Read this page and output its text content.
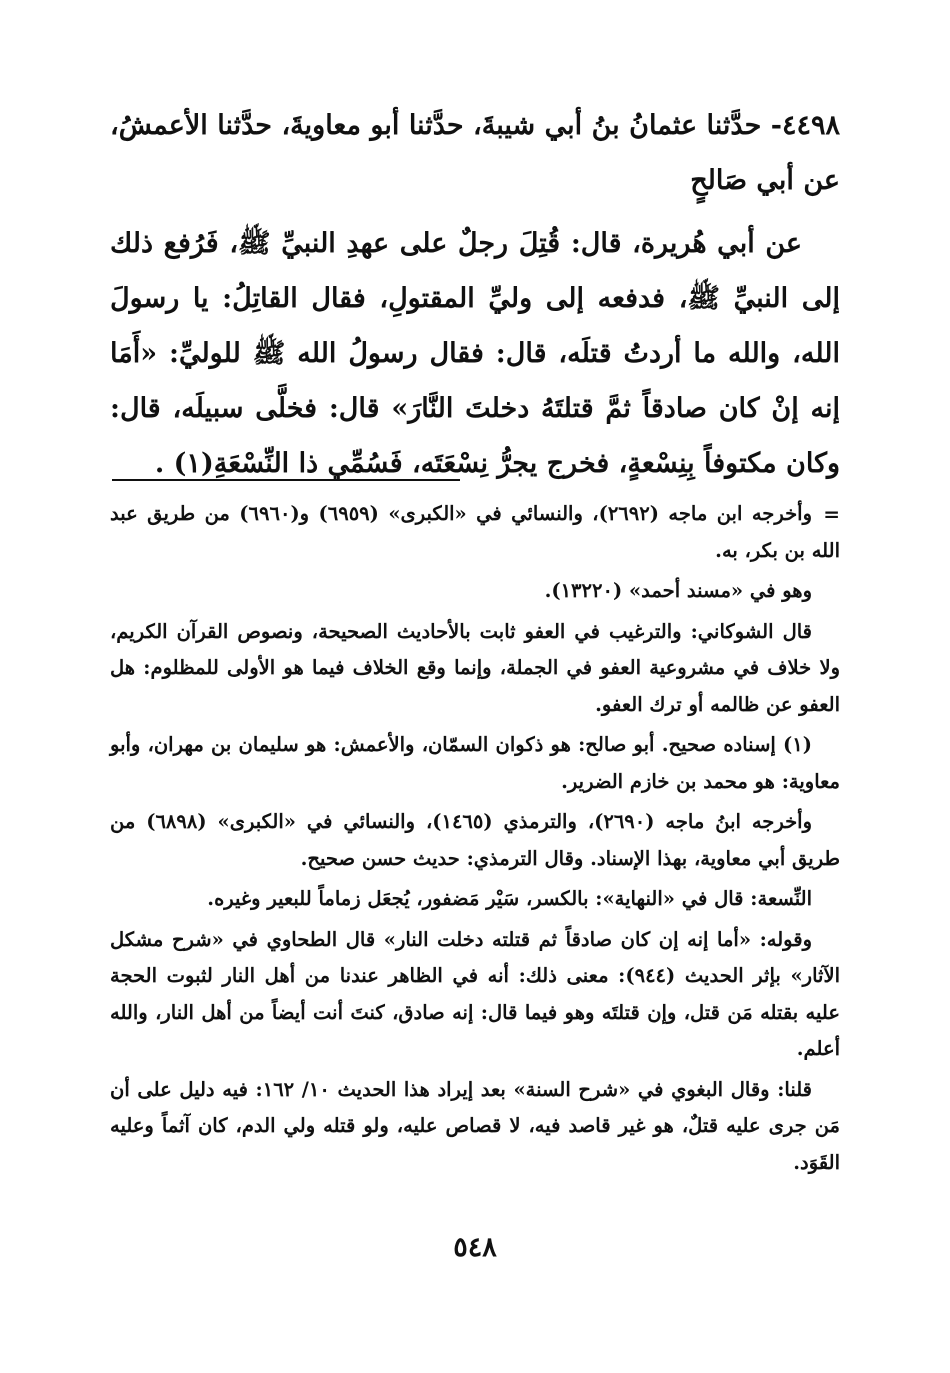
٤٤٩٨- حدَّثنا عثمانُ بنُ أبي شيبةَ، حدَّثنا أبو معاويةَ، حدَّثنا الأعمشُ، عن أبي صَالحٍ

عن أبي هُريرة، قال: قُتِلَ رجلٌ على عهدِ النبيِّ ﷺ، فَرُفع ذلك إلى النبيِّ ﷺ، فدفعه إلى وليِّ المقتولِ، فقال القاتِلُ: يا رسولَ الله، والله ما أردتُ قتلَه، قال: فقال رسولُ الله ﷺ للوليِّ: «أَمَا إنه إنْ كان صادقاً ثمَّ قتلتَهُ دخلتَ النَّارَ» قال: فخلَّى سبيلَه، قال: وكان مكتوفاً بِنِسْعةٍ، فخرج يجرُّ نِسْعَتَه، فَسُمِّي ذا النِّسْعَةِ(١) .

=
وأخرجه ابن ماجه (٢٦٩٢)، والنسائي في «الكبرى» (٦٩٥٩) و(٦٩٦٠) من طريق عبد الله بن بكر، به.

وهو في «مسند أحمد» (١٣٢٢٠).

قال الشوكاني: والترغيب في العفو ثابت بالأحاديث الصحيحة، ونصوص القرآن الكريم، ولا خلاف في مشروعية العفو في الجملة، وإنما وقع الخلاف فيما هو الأولى للمظلوم: هل العفو عن ظالمه أو ترك العفو.

(١) إسناده صحيح. أبو صالح: هو ذكوان السمّان، والأعمش: هو سليمان بن مهران، وأبو معاوية: هو محمد بن خازم الضرير.

وأخرجه ابنُ ماجه (٢٦٩٠)، والترمذي (١٤٦٥)، والنسائي في «الكبرى» (٦٨٩٨) من طريق أبي معاوية، بهذا الإسناد. وقال الترمذي: حديث حسن صحيح.

النِّسعة: قال في «النهاية»: بالكسر، سَيْر مَضفور، يُجعَل زماماً للبعير وغيره.

وقوله: «أما إنه إن كان صادقاً ثم قتلته دخلت النار» قال الطحاوي في «شرح مشكل الآثار» بإثر الحديث (٩٤٤): معنى ذلك: أنه في الظاهر عندنا من أهل النار لثبوت الحجة عليه بقتله مَن قتل، وإن قتلتَه وهو فيما قال: إنه صادق، كنتَ أنت أيضاً من أهل النار، والله أعلم.

قلنا: وقال البغوي في «شرح السنة» بعد إيراد هذا الحديث ١٠/ ١٦٢: فيه دليل على أن مَن جرى عليه قتلٌ، هو غير قاصد فيه، لا قصاص عليه، ولو قتله ولي الدم، كان آثماً وعليه القَوَد.

٥٤٨
